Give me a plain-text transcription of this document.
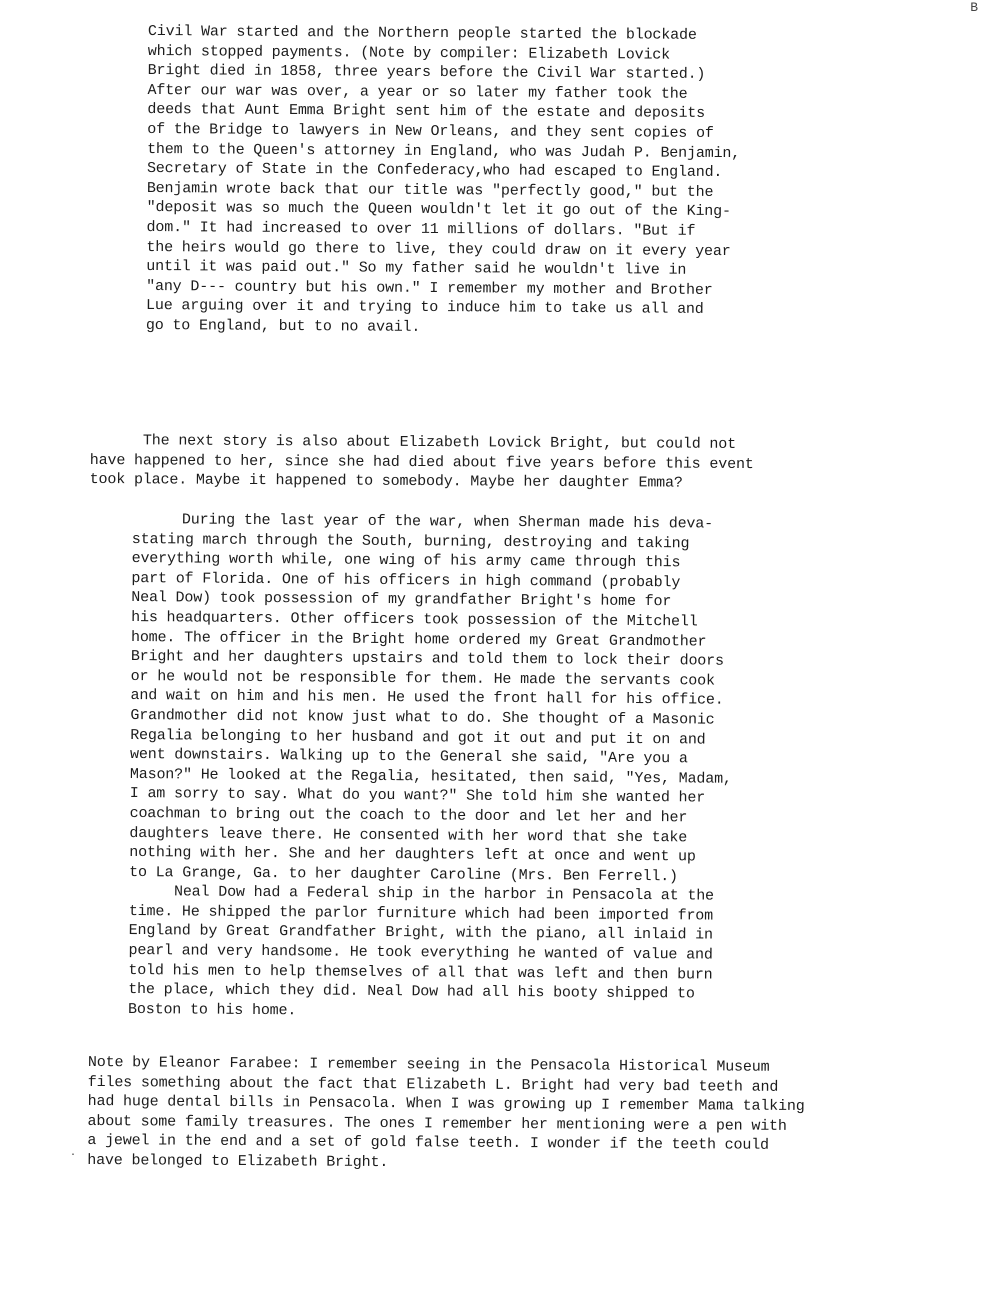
B
Civil War started and the Northern people started the blockade
which stopped payments. (Note by compiler: Elizabeth Lovick
Bright died in 1858, three years before the Civil War started.)
After our war was over, a year or so later my father took the
deeds that Aunt Emma Bright sent him of the estate and deposits
of the Bridge to lawyers in New Orleans, and they sent copies of
them to the Queen's attorney in England, who was Judah P. Benjamin,
Secretary of State in the Confederacy,who had escaped to England.
Benjamin wrote back that our title was "perfectly good," but the
"deposit was so much the Queen wouldn't let it go out of the King-
dom." It had increased to over 11 millions of dollars. "But if
the heirs would go there to live, they could draw on it every year
until it was paid out." So my father said he wouldn't live in
"any D--- country but his own." I remember my mother and Brother
Lue arguing over it and trying to induce him to take us all and
go to England, but to no avail.
The next story is also about Elizabeth Lovick Bright, but could not
have happened to her, since she had died about five years before this event
took place. Maybe it happened to somebody. Maybe her daughter Emma?
During the last year of the war, when Sherman made his deva-
stating march through the South, burning, destroying and taking
everything worth while, one wing of his army came through this
part of Florida. One of his officers in high command (probably
Neal Dow) took possession of my grandfather Bright's home for
his headquarters. Other officers took possession of the Mitchell
home. The officer in the Bright home ordered my Great Grandmother
Bright and her daughters upstairs and told them to lock their doors
or he would not be responsible for them. He made the servants cook
and wait on him and his men. He used the front hall for his office.
Grandmother did not know just what to do. She thought of a Masonic
Regalia belonging to her husband and got it out and put it on and
went downstairs. Walking up to the General she said, "Are you a
Mason?" He looked at the Regalia, hesitated, then said, "Yes, Madam,
I am sorry to say. What do you want?" She told him she wanted her
coachman to bring out the coach to the door and let her and her
daughters leave there. He consented with her word that she take
nothing with her. She and her daughters left at once and went up
to La Grange, Ga. to her daughter Caroline (Mrs. Ben Ferrell.)
Neal Dow had a Federal ship in the harbor in Pensacola at the
time. He shipped the parlor furniture which had been imported from
England by Great Grandfather Bright, with the piano, all inlaid in
pearl and very handsome. He took everything he wanted of value and
told his men to help themselves of all that was left and then burn
the place, which they did. Neal Dow had all his booty shipped to
Boston to his home.
Note by Eleanor Farabee: I remember seeing in the Pensacola Historical Museum
files something about the fact that Elizabeth L. Bright had very bad teeth and
had huge dental bills in Pensacola. When I was growing up I remember Mama talking
about some family treasures. The ones I remember her mentioning were a pen with
a jewel in the end and a set of gold false teeth. I wonder if the teeth could
have belonged to Elizabeth Bright.
·
